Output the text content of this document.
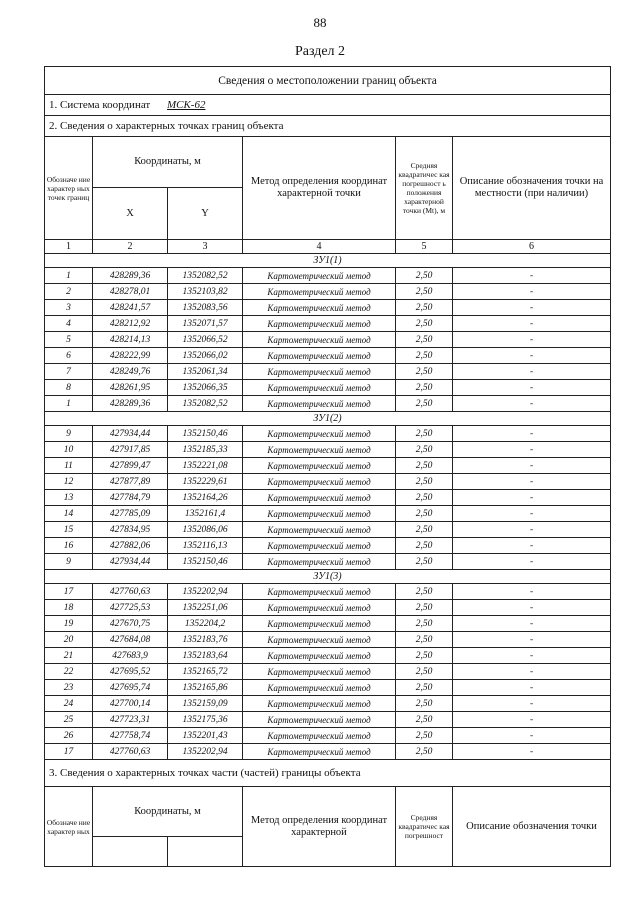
88
Раздел 2
Сведения о местоположении границ объекта					
1. Система координат МСК-62					
2. Сведения о характерных точках границ объекта					
Обозначе ние характер ных точек границ	Координаты, м		Метод определения координат характерной точки	Средняя квадратичес кая погрешност ь положения характерной точки (Mt), м	Описание обозначения точки на местности (при наличии)
	X	Y			
1	2	3	4	5	6
ЗУ1(1)					
1	428289,36	1352082,52	Картометрический метод	2,50	-
2	428278,01	1352103,82	Картометрический метод	2,50	-
3	428241,57	1352083,56	Картометрический метод	2,50	-
4	428212,92	1352071,57	Картометрический метод	2,50	-
5	428214,13	1352066,52	Картометрический метод	2,50	-
6	428222,99	1352066,02	Картометрический метод	2,50	-
7	428249,76	1352061,34	Картометрический метод	2,50	-
8	428261,95	1352066,35	Картометрический метод	2,50	-
1	428289,36	1352082,52	Картометрический метод	2,50	-
ЗУ1(2)					
9	427934,44	1352150,46	Картометрический метод	2,50	-
10	427917,85	1352185,33	Картометрический метод	2,50	-
11	427899,47	1352221,08	Картометрический метод	2,50	-
12	427877,89	1352229,61	Картометрический метод	2,50	-
13	427784,79	1352164,26	Картометрический метод	2,50	-
14	427785,09	1352161,4	Картометрический метод	2,50	-
15	427834,95	1352086,06	Картометрический метод	2,50	-
16	427882,06	1352116,13	Картометрический метод	2,50	-
9	427934,44	1352150,46	Картометрический метод	2,50	-
ЗУ1(3)					
17	427760,63	1352202,94	Картометрический метод	2,50	-
18	427725,53	1352251,06	Картометрический метод	2,50	-
19	427670,75	1352204,2	Картометрический метод	2,50	-
20	427684,08	1352183,76	Картометрический метод	2,50	-
21	427683,9	1352183,64	Картометрический метод	2,50	-
22	427695,52	1352165,72	Картометрический метод	2,50	-
23	427695,74	1352165,86	Картометрический метод	2,50	-
24	427700,14	1352159,09	Картометрический метод	2,50	-
25	427723,31	1352175,36	Картометрический метод	2,50	-
26	427758,74	1352201,43	Картометрический метод	2,50	-
17	427760,63	1352202,94	Картометрический метод	2,50	-
3. Сведения о характерных точках части (частей) границы объекта					
Обозначе ние характер ных	Координаты, м		Метод определения координат характерной	Средняя квадратичес кая погрешност	Описание обозначения точки
